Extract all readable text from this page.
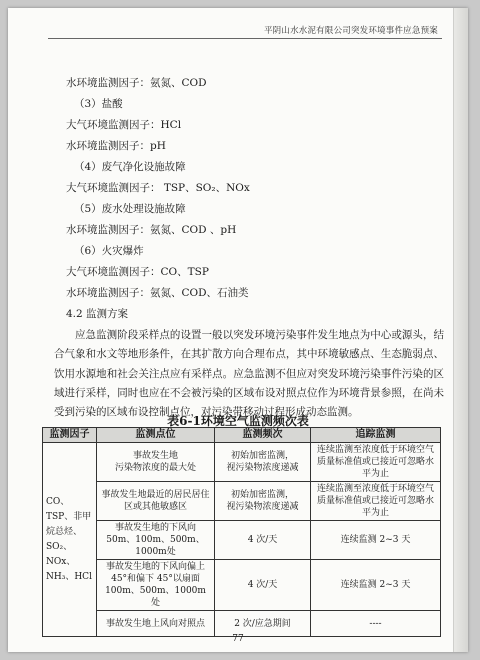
平阴山水水泥有限公司突发环境事件应急预案
水环境监测因子：氨氮、COD
（3）盐酸
大气环境监测因子：HCl
水环境监测因子：pH
（4）废气净化设施故障
大气环境监测因子： TSP、SO₂、NOx
（5）废水处理设施故障
水环境监测因子：氨氮、COD 、pH
（6）火灾爆炸
大气环境监测因子：CO、TSP
水环境监测因子：氨氮、COD、石油类
4.2 监测方案

应急监测阶段采样点的设置一般以突发环境污染事件发生地点为中心或源头，结合气象和水文等地形条件，在其扩散方向合理布点，其中环境敏感点、生态脆弱点、饮用水源地和社会关注点应有采样点。应急监测不但应对突发环境污染事件污染的区域进行采样，同时也应在不会被污染的区域布设对照点位作为环境背景参照，在尚未受到污染的区域布设控制点位，对污染带移动过程形成动态监测。

表6-1环境空气监测频次表
监测因子	监测点位	监测频次	追踪监测
CO、TSP、非甲烷总烃、SO₂、NOx、NH₃、HCl	事故发生地
污染物浓度的最大处	初始加密监测，
视污染物浓度递减	连续监测至浓度低于环境空气质量标准值或已接近可忽略水平为止
	事故发生地最近的居民居住区或其他敏感区	初始加密监测，
视污染物浓度递减	连续监测至浓度低于环境空气质量标准值或已接近可忽略水平为止
	事故发生地的下风向
50m、100m、500m、1000m处	4 次/天	连续监测 2~3 天
	事故发生地的下风向偏上 45°和偏下 45°以扇面 100m、500m、1000m 处	4 次/天	连续监测 2~3 天
	事故发生地上风向对照点	2 次/应急期间	----
77
